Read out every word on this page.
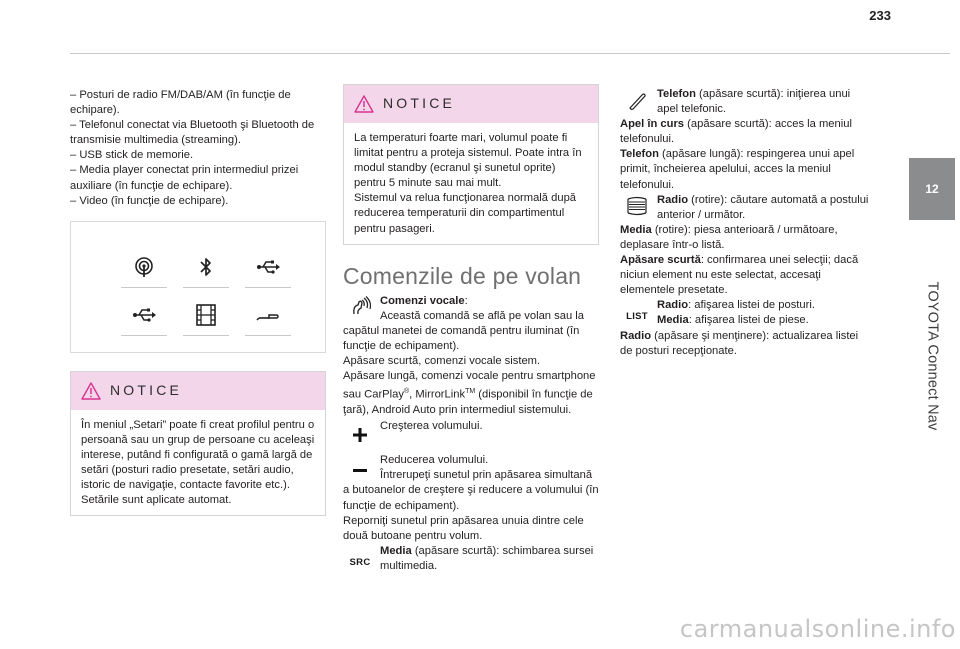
233
12
TOYOTA Connect Nav

– Posturi de radio FM/DAB/AM (în funcţie de echipare).

– Telefonul conectat via Bluetooth şi Bluetooth de transmisie multimedia (streaming).

– USB stick de memorie.

– Media player conectat prin intermediul prizei auxiliare (în funcţie de echipare).

– Video (în funcţie de echipare).

NOTICE
În meniul „Setari” poate fi creat profilul pentru o persoană sau un grup de persoane cu aceleaşi interese, putând fi configurată o gamă largă de setări (posturi radio presetate, setări audio, istoric de navigaţie, contacte favorite etc.). Setările sunt aplicate automat.
NOTICE
La temperaturi foarte mari, volumul poate fi limitat pentru a proteja sistemul. Poate intra în modul standby (ecranul şi sunetul oprite) pentru 5 minute sau mai mult.
Sistemul va relua funcţionarea normală după reducerea temperaturii din compartimentul pentru pasageri.
Comenzile de pe volan

Comenzi vocale:

Această comandă se află pe volan sau la capătul manetei de comandă pentru iluminat (în funcţie de echipament).

Apăsare scurtă, comenzi vocale sistem.

Apăsare lungă, comenzi vocale pentru smartphone sau CarPlay®, MirrorLink™ (disponibil în funcţie de ţară), Android Auto prin intermediul sistemului.

Creşterea volumului.

Reducerea volumului.

Întrerupeţi sunetul prin apăsarea simultană a butoanelor de creştere şi reducere a volumului (în funcţie de echipament).

Reporniţi sunetul prin apăsarea unuia dintre cele două butoane pentru volum.

SRC

Media (apăsare scurtă): schimbarea sursei multimedia.

Telefon (apăsare scurtă): iniţierea unui apel telefonic.

Apel în curs (apăsare scurtă): acces la meniul telefonului.

Telefon (apăsare lungă): respingerea unui apel primit, încheierea apelului, acces la meniul telefonului.

Radio (rotire): căutare automată a postului anterior / următor.

Media (rotire): piesa anterioară / următoare, deplasare într-o listă.

Apăsare scurtă: confirmarea unei selecţii; dacă niciun element nu este selectat, accesaţi elementele presetate.

LIST

Radio: afişarea listei de posturi.

Media: afişarea listei de piese.

Radio (apăsare şi menţinere): actualizarea listei de posturi recepţionate.

carmanualsonline.info
